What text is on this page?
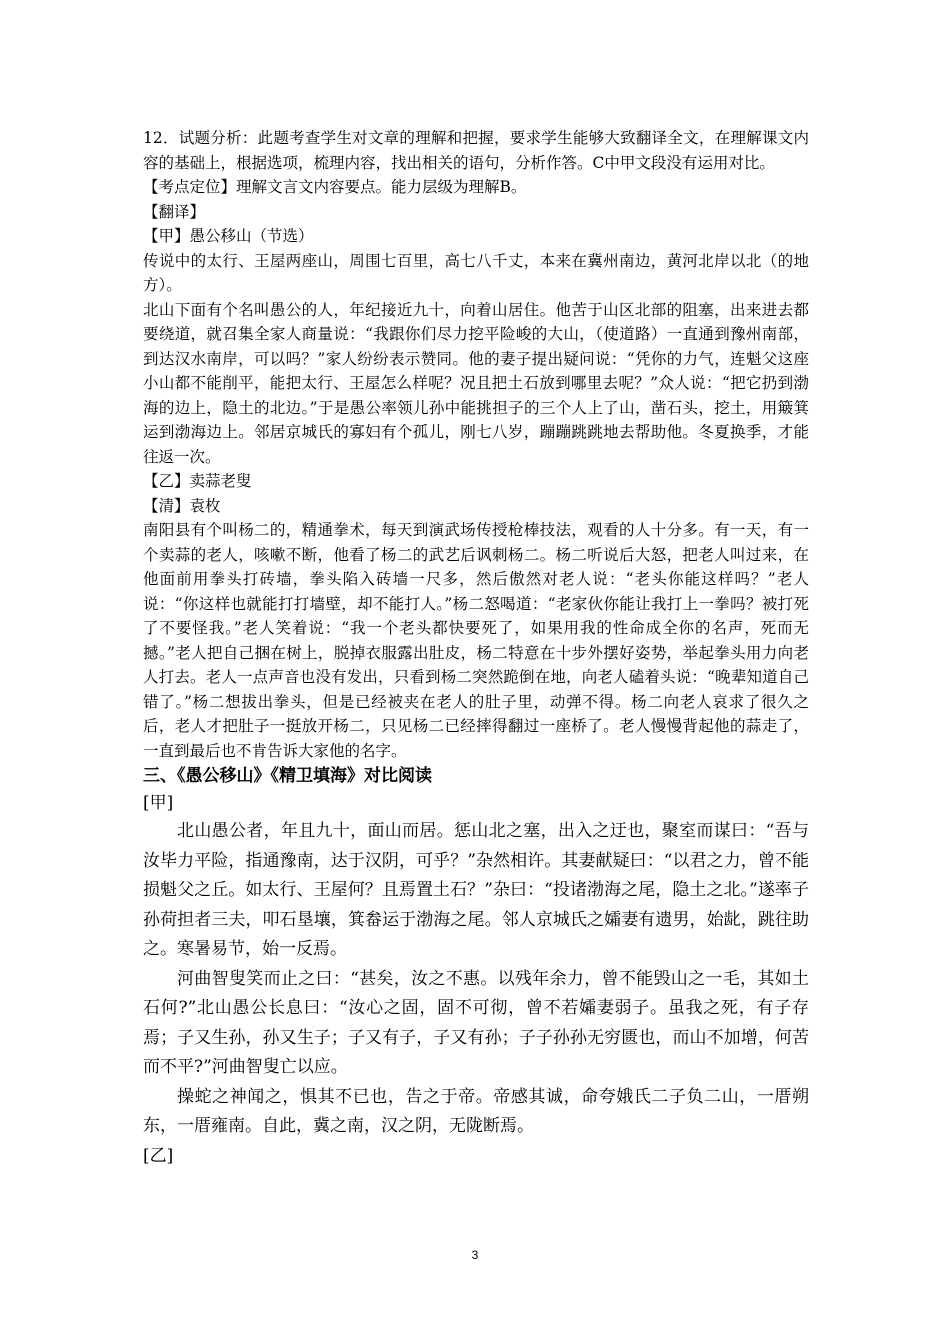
12．试题分析：此题考查学生对文章的理解和把握，要求学生能够大致翻译全文，在理解课文内容的基础上，根据选项，梳理内容，找出相关的语句，分析作答。C中甲文段没有运用对比。

【考点定位】理解文言文内容要点。能力层级为理解B。

【翻译】

【甲】愚公移山（节选）

传说中的太行、王屋两座山，周围七百里，高七八千丈，本来在冀州南边，黄河北岸以北（的地方）。

北山下面有个名叫愚公的人，年纪接近九十，向着山居住。他苦于山区北部的阻塞，出来进去都要绕道，就召集全家人商量说：“我跟你们尽力挖平险峻的大山，（使道路）一直通到豫州南部，到达汉水南岸，可以吗？”家人纷纷表示赞同。他的妻子提出疑问说：“凭你的力气，连魁父这座小山都不能削平，能把太行、王屋怎么样呢？况且把土石放到哪里去呢？”众人说：“把它扔到渤海的边上，隐土的北边。”于是愚公率领儿孙中能挑担子的三个人上了山，凿石头，挖土，用簸箕运到渤海边上。邻居京城氏的寡妇有个孤儿，刚七八岁，蹦蹦跳跳地去帮助他。冬夏换季，才能往返一次。

【乙】卖蒜老叟

【清】袁枚

南阳县有个叫杨二的，精通拳术，每天到演武场传授枪棒技法，观看的人十分多。有一天，有一个卖蒜的老人，咳嗽不断，他看了杨二的武艺后讽刺杨二。杨二听说后大怒，把老人叫过来，在他面前用拳头打砖墙，拳头陷入砖墙一尺多，然后傲然对老人说：“老头你能这样吗？”老人说：“你这样也就能打打墙壁，却不能打人。”杨二怒喝道：“老家伙你能让我打上一拳吗？被打死了不要怪我。”老人笑着说：“我一个老头都快要死了，如果用我的性命成全你的名声，死而无撼。”老人把自己捆在树上，脱掉衣服露出肚皮，杨二特意在十步外摆好姿势，举起拳头用力向老人打去。老人一点声音也没有发出，只看到杨二突然跪倒在地，向老人磕着头说：“晚辈知道自己错了。”杨二想拔出拳头，但是已经被夹在老人的肚子里，动弹不得。杨二向老人哀求了很久之后，老人才把肚子一挺放开杨二，只见杨二已经摔得翻过一座桥了。老人慢慢背起他的蒜走了，一直到最后也不肯告诉大家他的名字。

三、《愚公移山》《精卫填海》对比阅读

[甲]

北山愚公者，年且九十，面山而居。惩山北之塞，出入之迂也，聚室而谋曰：“吾与汝毕力平险，指通豫南，达于汉阴，可乎？”杂然相许。其妻献疑曰：“以君之力，曾不能损魁父之丘。如太行、王屋何？且焉置土石？”杂曰：“投诸渤海之尾，隐土之北。”遂率子孙荷担者三夫，叩石垦壤，箕畚运于渤海之尾。邻人京城氏之孀妻有遗男，始龀，跳往助之。寒暑易节，始一反焉。

河曲智叟笑而止之曰：“甚矣，汝之不惠。以残年余力，曾不能毁山之一毛，其如土石何?”北山愚公长息曰：“汝心之固，固不可彻，曾不若孀妻弱子。虽我之死，有子存焉；子又生孙，孙又生子；子又有子，子又有孙；子子孙孙无穷匮也，而山不加增，何苦而不平?”河曲智叟亡以应。

操蛇之神闻之，惧其不已也，告之于帝。帝感其诚，命夸娥氏二子负二山，一厝朔东，一厝雍南。自此，冀之南，汉之阴，无陇断焉。

[乙]

3
